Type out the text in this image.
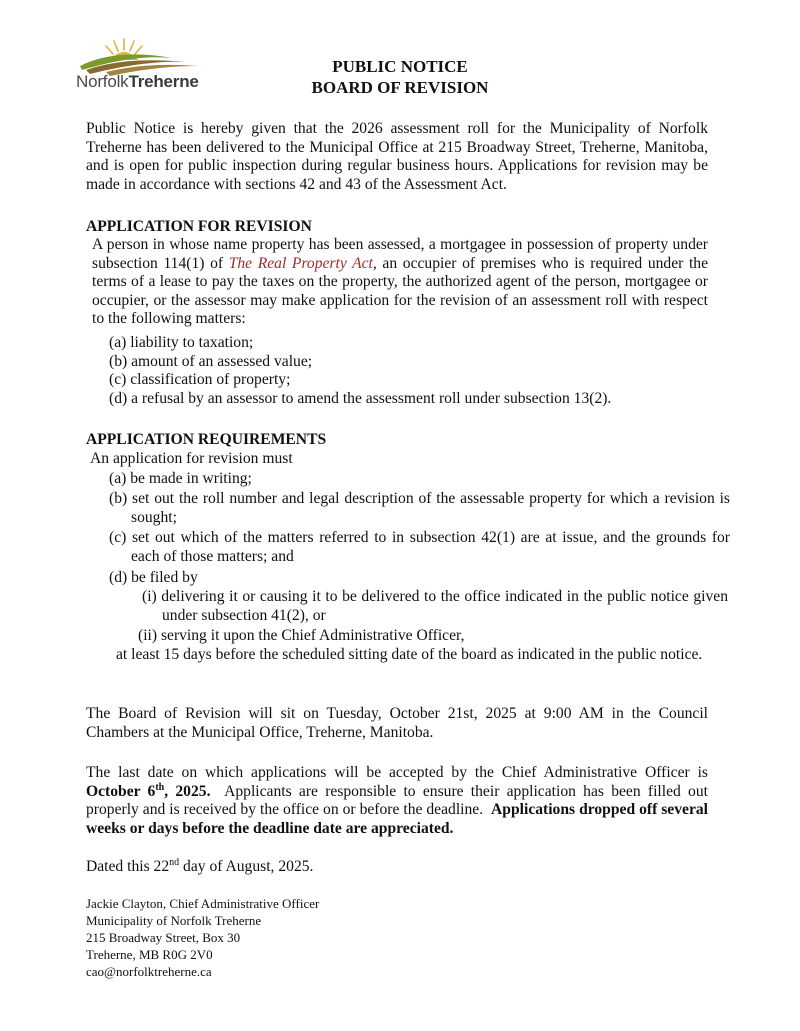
NorfolkTreherne
PUBLIC NOTICE
BOARD OF REVISION
Public Notice is hereby given that the 2026 assessment roll for the Municipality of Norfolk Treherne has been delivered to the Municipal Office at 215 Broadway Street, Treherne, Manitoba, and is open for public inspection during regular business hours. Applications for revision may be made in accordance with sections 42 and 43 of the Assessment Act.
APPLICATION FOR REVISION
A person in whose name property has been assessed, a mortgagee in possession of property under subsection 114(1) of The Real Property Act, an occupier of premises who is required under the terms of a lease to pay the taxes on the property, the authorized agent of the person, mortgagee or occupier, or the assessor may make application for the revision of an assessment roll with respect to the following matters:
(a) liability to taxation;
(b) amount of an assessed value;
(c) classification of property;
(d) a refusal by an assessor to amend the assessment roll under subsection 13(2).
APPLICATION REQUIREMENTS
An application for revision must
(a) be made in writing;
(b) set out the roll number and legal description of the assessable property for which a revision is sought;
(c) set out which of the matters referred to in subsection 42(1) are at issue, and the grounds for each of those matters; and
(d) be filed by
(i) delivering it or causing it to be delivered to the office indicated in the public notice given under subsection 41(2), or
(ii) serving it upon the Chief Administrative Officer,
at least 15 days before the scheduled sitting date of the board as indicated in the public notice.
The Board of Revision will sit on Tuesday, October 21st, 2025 at 9:00 AM in the Council Chambers at the Municipal Office, Treherne, Manitoba.
The last date on which applications will be accepted by the Chief Administrative Officer is October 6th, 2025.  Applicants are responsible to ensure their application has been filled out properly and is received by the office on or before the deadline.  Applications dropped off several weeks or days before the deadline date are appreciated.
Dated this 22nd day of August, 2025.
Jackie Clayton, Chief Administrative Officer
Municipality of Norfolk Treherne
215 Broadway Street, Box 30
Treherne, MB R0G 2V0
cao@norfolktreherne.ca
